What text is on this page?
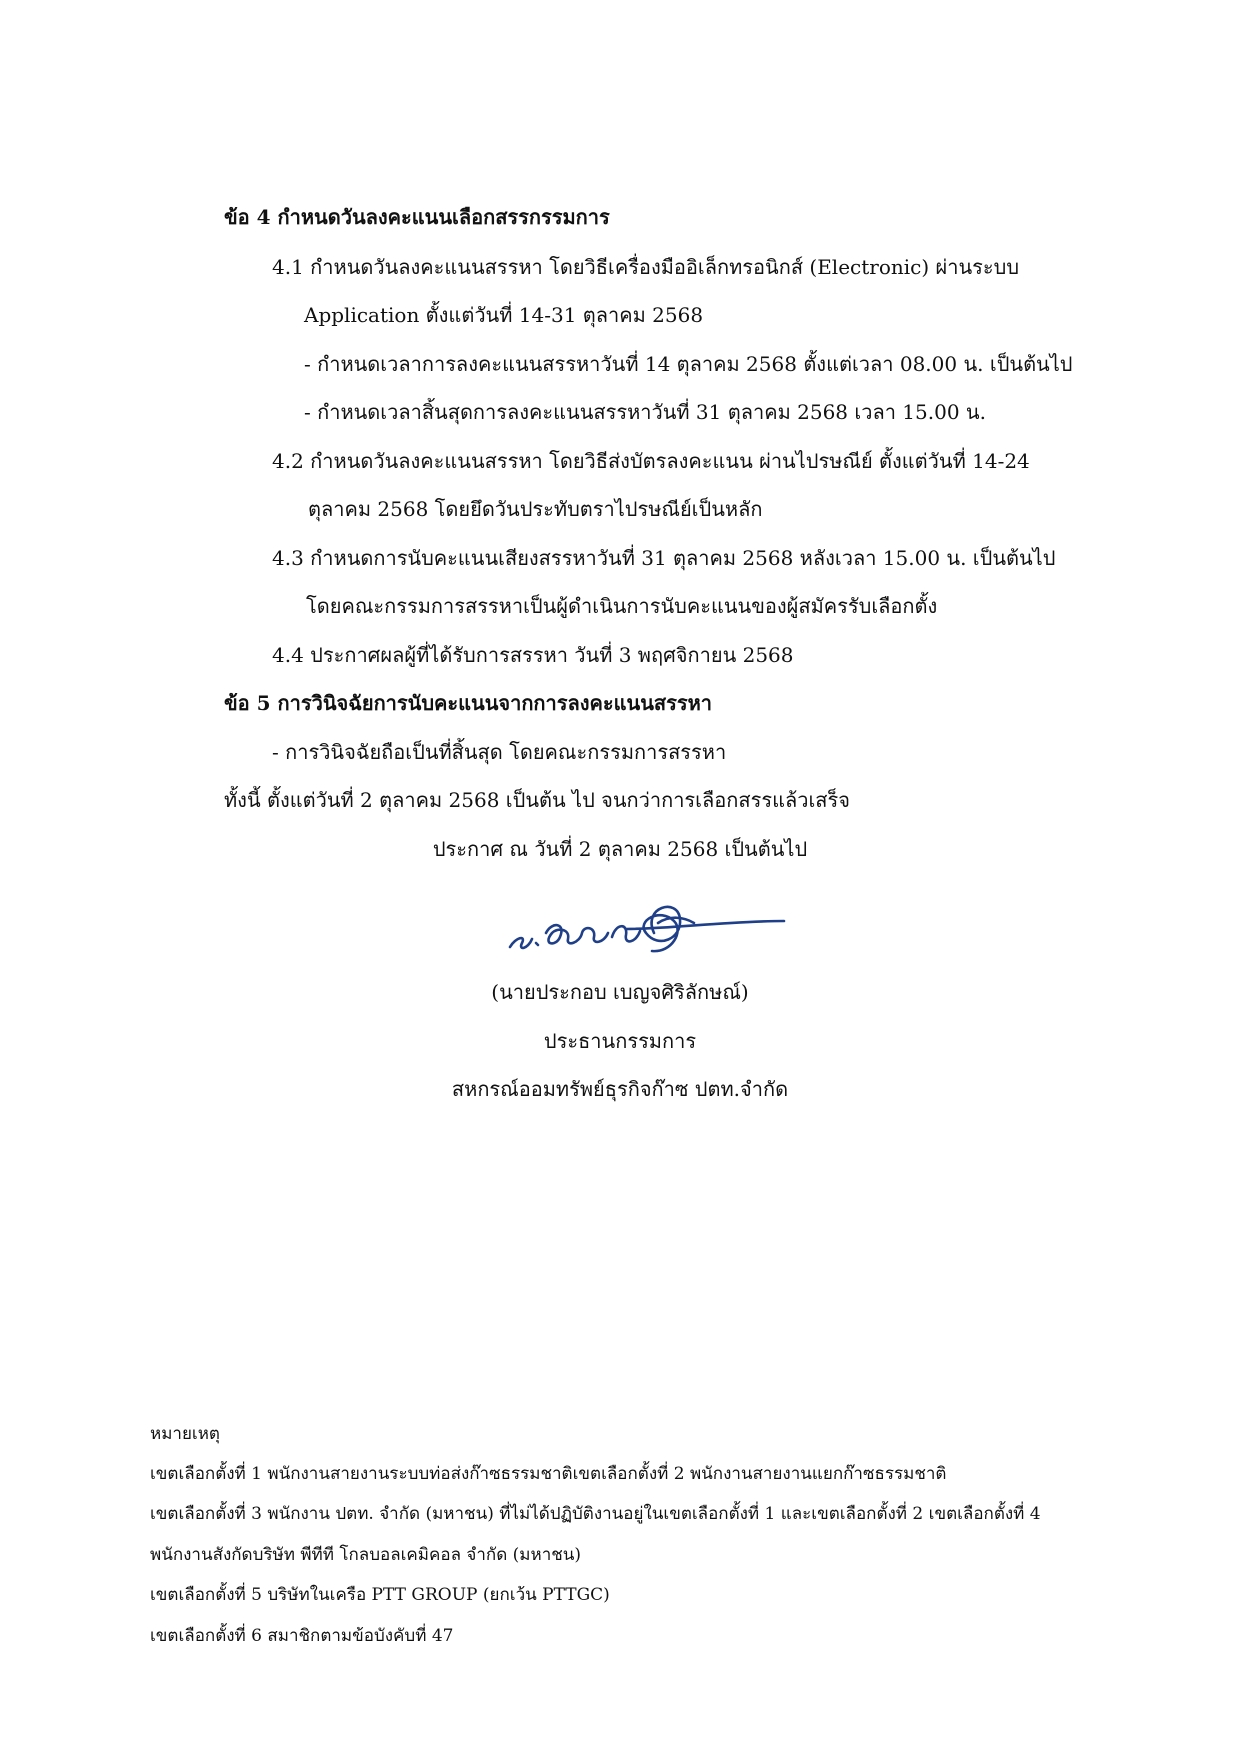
ข้อ 4 กำหนดวันลงคะแนนเลือกสรรกรรมการ
4.1 กำหนดวันลงคะแนนสรรหา โดยวิธีเครื่องมืออิเล็กทรอนิกส์ (Electronic) ผ่านระบบ
Application ตั้งแต่วันที่ 14-31 ตุลาคม 2568
- กำหนดเวลาการลงคะแนนสรรหาวันที่ 14 ตุลาคม 2568 ตั้งแต่เวลา 08.00 น. เป็นต้นไป
- กำหนดเวลาสิ้นสุดการลงคะแนนสรรหาวันที่ 31 ตุลาคม 2568 เวลา 15.00 น.
4.2 กำหนดวันลงคะแนนสรรหา โดยวิธีส่งบัตรลงคะแนน ผ่านไปรษณีย์ ตั้งแต่วันที่ 14-24
ตุลาคม 2568 โดยยึดวันประทับตราไปรษณีย์เป็นหลัก
4.3 กำหนดการนับคะแนนเสียงสรรหาวันที่ 31 ตุลาคม 2568 หลังเวลา 15.00 น. เป็นต้นไป
โดยคณะกรรมการสรรหาเป็นผู้ดำเนินการนับคะแนนของผู้สมัครรับเลือกตั้ง
4.4 ประกาศผลผู้ที่ได้รับการสรรหา วันที่ 3 พฤศจิกายน 2568
ข้อ 5 การวินิจฉัยการนับคะแนนจากการลงคะแนนสรรหา
- การวินิจฉัยถือเป็นที่สิ้นสุด โดยคณะกรรมการสรรหา
ทั้งนี้ ตั้งแต่วันที่ 2 ตุลาคม 2568 เป็นต้น ไป จนกว่าการเลือกสรรแล้วเสร็จ
ประกาศ ณ วันที่ 2 ตุลาคม 2568 เป็นต้นไป
(นายประกอบ เบญจศิริลักษณ์)
ประธานกรรมการ
สหกรณ์ออมทรัพย์ธุรกิจก๊าซ ปตท.จำกัด
หมายเหตุ
เขตเลือกตั้งที่ 1 พนักงานสายงานระบบท่อส่งก๊าซธรรมชาติเขตเลือกตั้งที่ 2 พนักงานสายงานแยกก๊าซธรรมชาติ
เขตเลือกตั้งที่ 3 พนักงาน ปตท. จำกัด (มหาชน) ที่ไม่ได้ปฏิบัติงานอยู่ในเขตเลือกตั้งที่ 1 และเขตเลือกตั้งที่ 2 เขตเลือกตั้งที่ 4
พนักงานสังกัดบริษัท พีทีที โกลบอลเคมิคอล จำกัด (มหาชน)
เขตเลือกตั้งที่ 5 บริษัทในเครือ PTT GROUP (ยกเว้น PTTGC)
เขตเลือกตั้งที่ 6 สมาชิกตามข้อบังคับที่ 47
